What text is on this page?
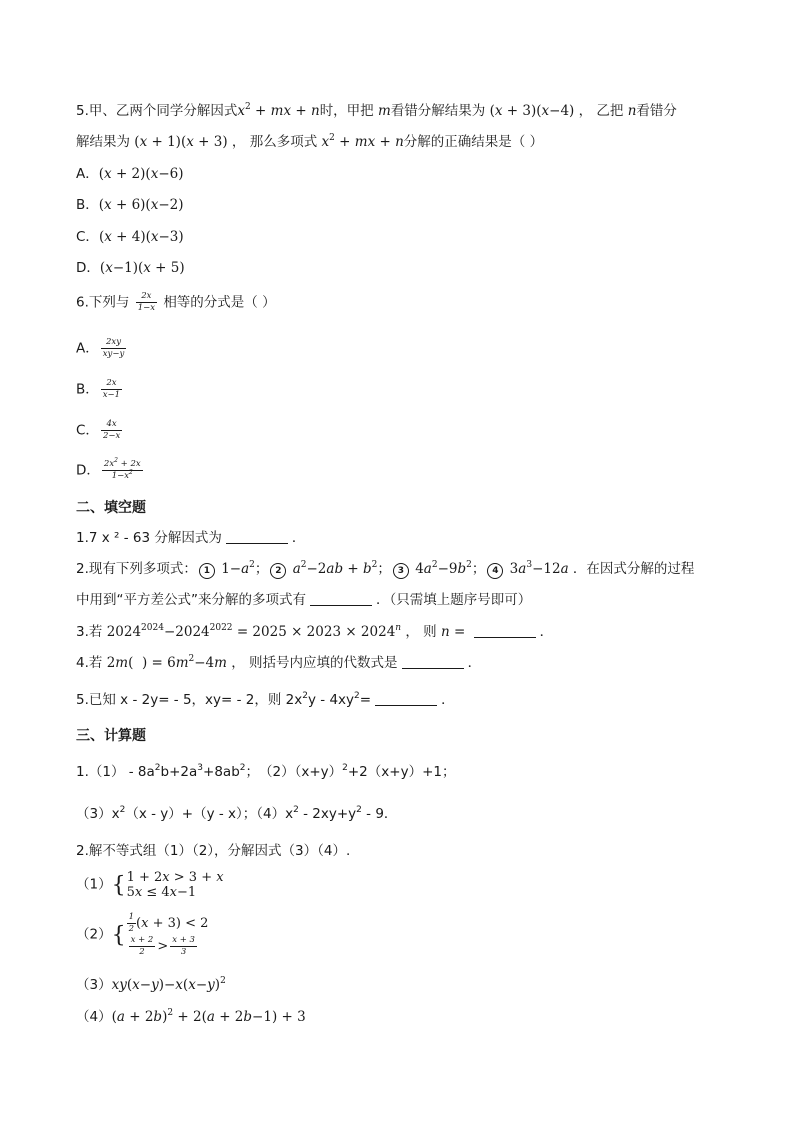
5.甲、乙两个同学分解因式$x^2$ + mx + n时，甲把 m看错分解结果为 (x + 3)(x−4) ， 乙把 n看错分
解结果为 (x + 1)(x + 3) ， 那么多项式 $x^2$ + mx + n分解的正确结果是（ ）
A．(x + 2)(x−6)
B．(x + 6)(x−2)
C．(x + 4)(x−3)
D．(x−1)(x + 5)
6.下列与 $\frac{2x}{1-x}$ 相等的分式是（ ）
A． $\frac{2xy}{xy-y}$
B． $\frac{2x}{x-1}$
C． $\frac{4x}{2-x}$
D． $\frac{2x^2 + 2x}{1-x^2}$
二、填空题
1.7 x ² - 63 分解因式为	．
2.现有下列多项式： 1 $1-a^2$； 2 $a^2-2ab + b^2$； 3 $4a^2-9b^2$； 4 $3a^3-12a$ ．在因式分解的过程
中用到“平方差公式”来分解的多项式有	．（只需填上题序号即可）
3.若 $2024^{2024}-2024^{2022} = 2025 \times 2023 \times 2024^n$ ， 则 n =	．
4.若 2m(  ) = $6m^2-4m$ ， 则括号内应填的代数式是	．
5.已知 x - 2y= - 5，xy= - 2，则 $2x^2y - 4xy^2=$	．
三、计算题
$1.(1) - 8a^2b+2a^3+8ab^2$；　$(2)(x+y)^2+2(x+y)+1$；
$(3)x^2(x - y)+(y - x)$；$(4)x^2 - 2xy+y^2 - 9$．
2.解不等式组（1）（2），分解因式（3）（4）.
（1）{ 1 + 2x > 3 + x
5x ≤ 4x−1
$(2)\{ \frac{1}{2} (x + 3) < 2$
$\frac{x + 2}{2} > \frac{x + 3}{3}$
$(3)xy(x-y)-x(x-y)^2$
$(4)(a + 2b)^2 + 2(a + 2b-1) + 3$
